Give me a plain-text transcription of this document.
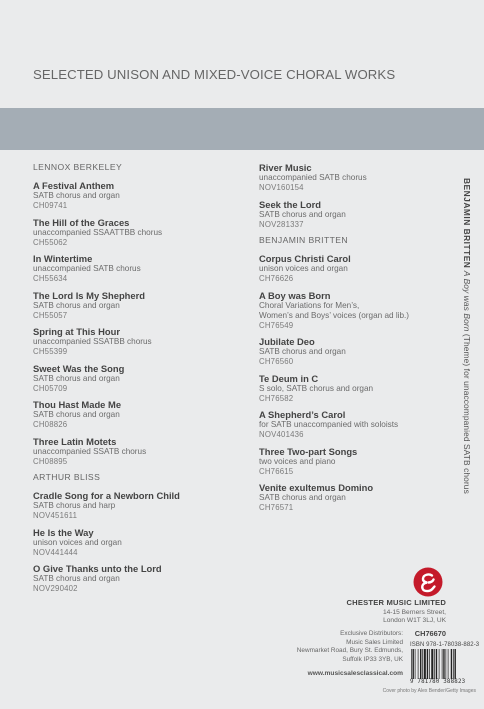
SELECTED UNISON AND MIXED-VOICE CHORAL WORKS
LENNOX BERKELEY
A Festival Anthem
SATB chorus and organ
CH09741
The Hill of the Graces
unaccompanied SSAATTBB chorus
CH55062
In Wintertime
unaccompanied SATB chorus
CH55634
The Lord Is My Shepherd
SATB chorus and organ
CH55057
Spring at This Hour
unaccompanied SSATBB chorus
CH55399
Sweet Was the Song
SATB chorus and organ
CH05709
Thou Hast Made Me
SATB chorus and organ
CH08826
Three Latin Motets
unaccompanied SSATB chorus
CH08895
ARTHUR BLISS
Cradle Song for a Newborn Child
SATB chorus and harp
NOV451611
He Is the Way
unison voices and organ
NOV441444
O Give Thanks unto the Lord
SATB chorus and organ
NOV290402
River Music
unaccompanied SATB chorus
NOV160154
Seek the Lord
SATB chorus and organ
NOV281337
BENJAMIN BRITTEN
Corpus Christi Carol
unison voices and organ
CH76626
A Boy was Born
Choral Variations for Men’s,
Women’s and Boys’ voices (organ ad lib.)
CH76549
Jubilate Deo
SATB chorus and organ
CH76560
Te Deum in C
S solo, SATB chorus and organ
CH76582
A Shepherd’s Carol
for SATB unaccompanied with soloists
NOV401436
Three Two-part Songs
two voices and piano
CH76615
Venite exultemus Domino
SATB chorus and organ
CH76571
BENJAMIN BRITTEN A Boy was Born (Theme) for unaccompanied SATB chorus
CHESTER MUSIC LIMITED
14-15 Berners Street,
London W1T 3LJ, UK
CH76670
Exclusive Distributors:
Music Sales Limited
Newmarket Road, Bury St. Edmunds,
Suffolk IP33 3YB, UK
www.musicsalesclassical.com
ISBN 978-1-78038-882-3
9 781780 388823
Cover photo by Alex Bender/Getty Images
